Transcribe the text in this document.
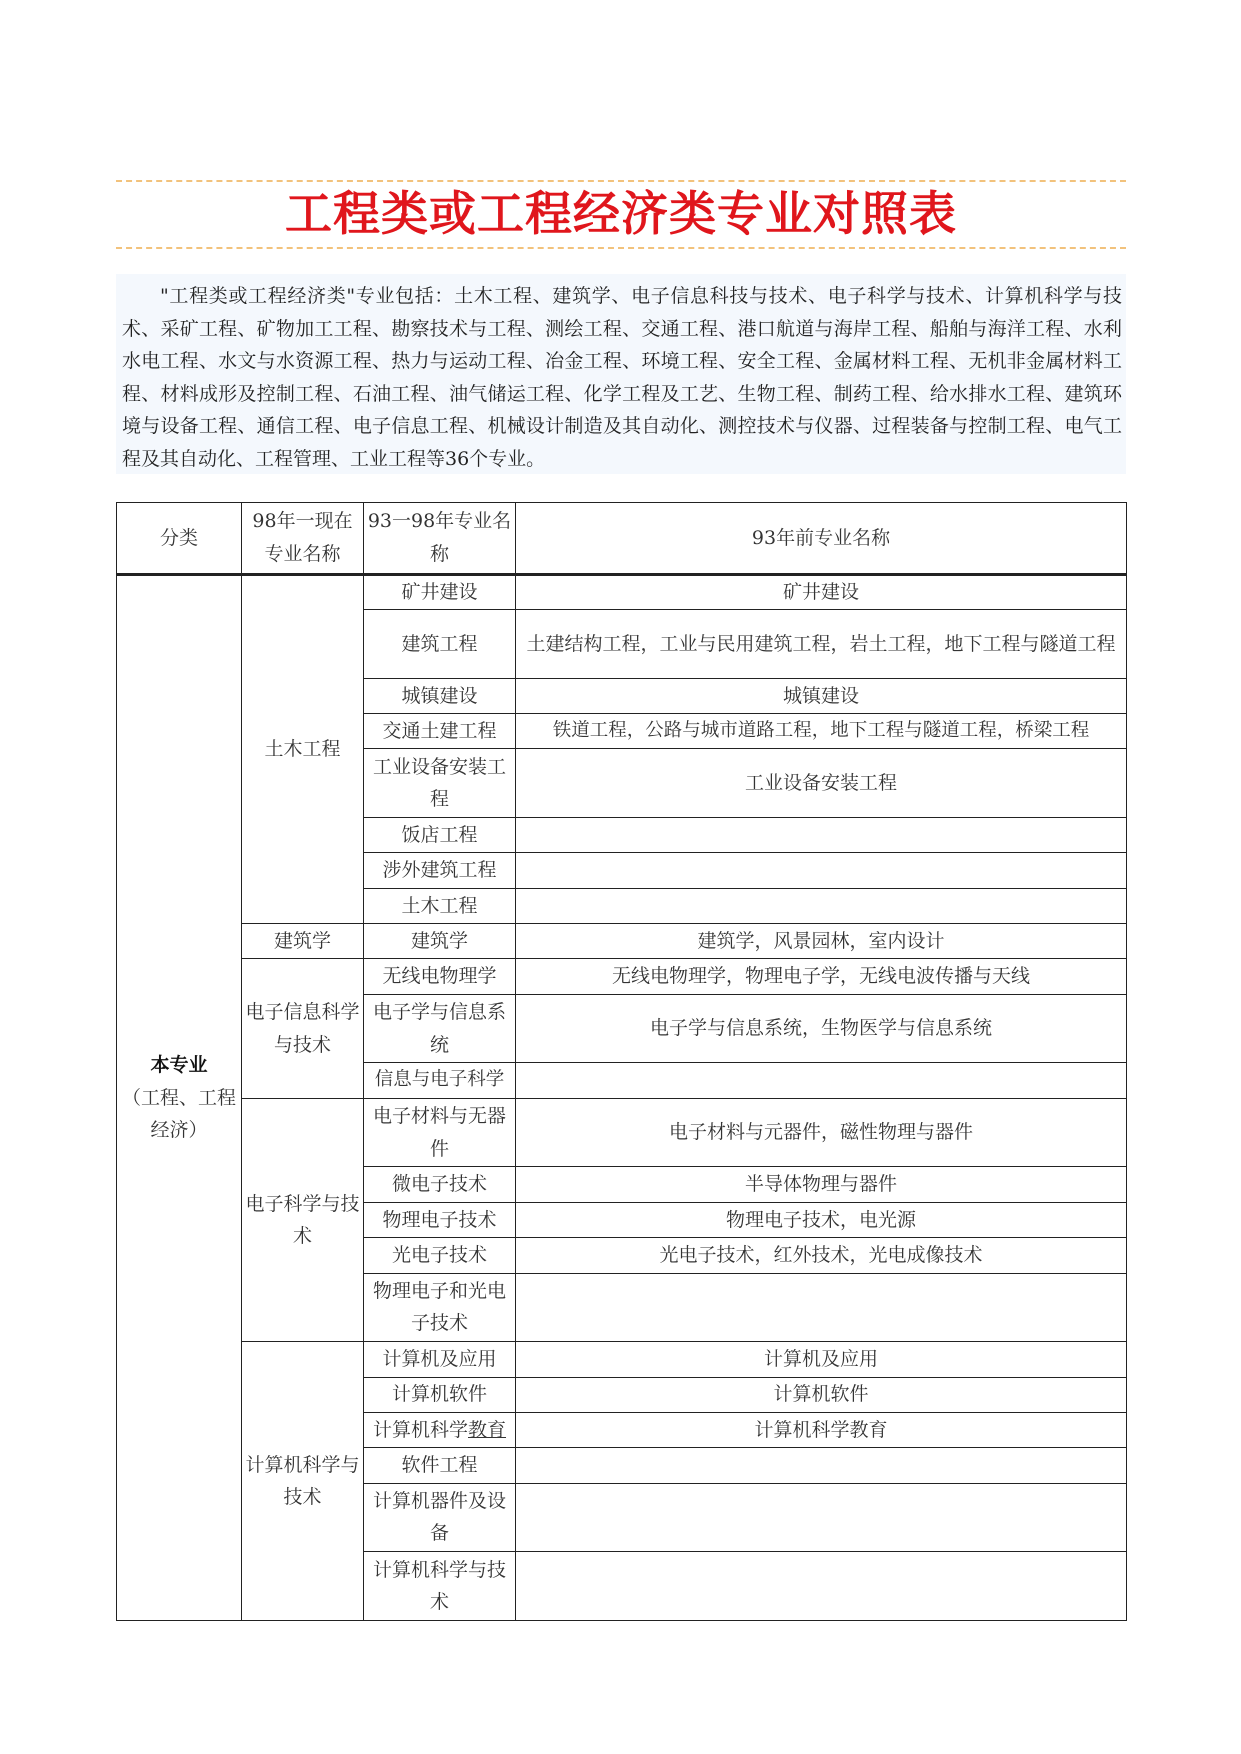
工程类或工程经济类专业对照表
"工程类或工程经济类"专业包括：土木工程、建筑学、电子信息科技与技术、电子科学与技术、计算机科学与技术、采矿工程、矿物加工工程、勘察技术与工程、测绘工程、交通工程、港口航道与海岸工程、船舶与海洋工程、水利水电工程、水文与水资源工程、热力与运动工程、冶金工程、环境工程、安全工程、金属材料工程、无机非金属材料工程、材料成形及控制工程、石油工程、油气储运工程、化学工程及工艺、生物工程、制药工程、给水排水工程、建筑环境与设备工程、通信工程、电子信息工程、机械设计制造及其自动化、测控技术与仪器、过程装备与控制工程、电气工程及其自动化、工程管理、工业工程等36个专业。
分类	98年一现在专业名称	93一98年专业名称	93年前专业名称

本专业
（工程、工程经济）	土木工程	矿井建设	矿井建设
		建筑工程	土建结构工程，工业与民用建筑工程，岩土工程，地下工程与隧道工程
		城镇建设	城镇建设
		交通土建工程	铁道工程，公路与城市道路工程，地下工程与隧道工程，桥梁工程
		工业设备安装工程	工业设备安装工程
		饭店工程	
		涉外建筑工程	
		土木工程	
	建筑学	建筑学	建筑学，风景园林，室内设计
	电子信息科学与技术	无线电物理学	无线电物理学，物理电子学，无线电波传播与天线
		电子学与信息系统	电子学与信息系统，生物医学与信息系统
		信息与电子科学	
	电子科学与技术	电子材料与无器件	电子材料与元器件，磁性物理与器件
		微电子技术	半导体物理与器件
		物理电子技术	物理电子技术，电光源
		光电子技术	光电子技术，红外技术，光电成像技术
		物理电子和光电子技术	
	计算机科学与技术	计算机及应用	计算机及应用
		计算机软件	计算机软件
		计算机科学教育	计算机科学教育
		软件工程	
		计算机器件及设备	
		计算机科学与技术	
